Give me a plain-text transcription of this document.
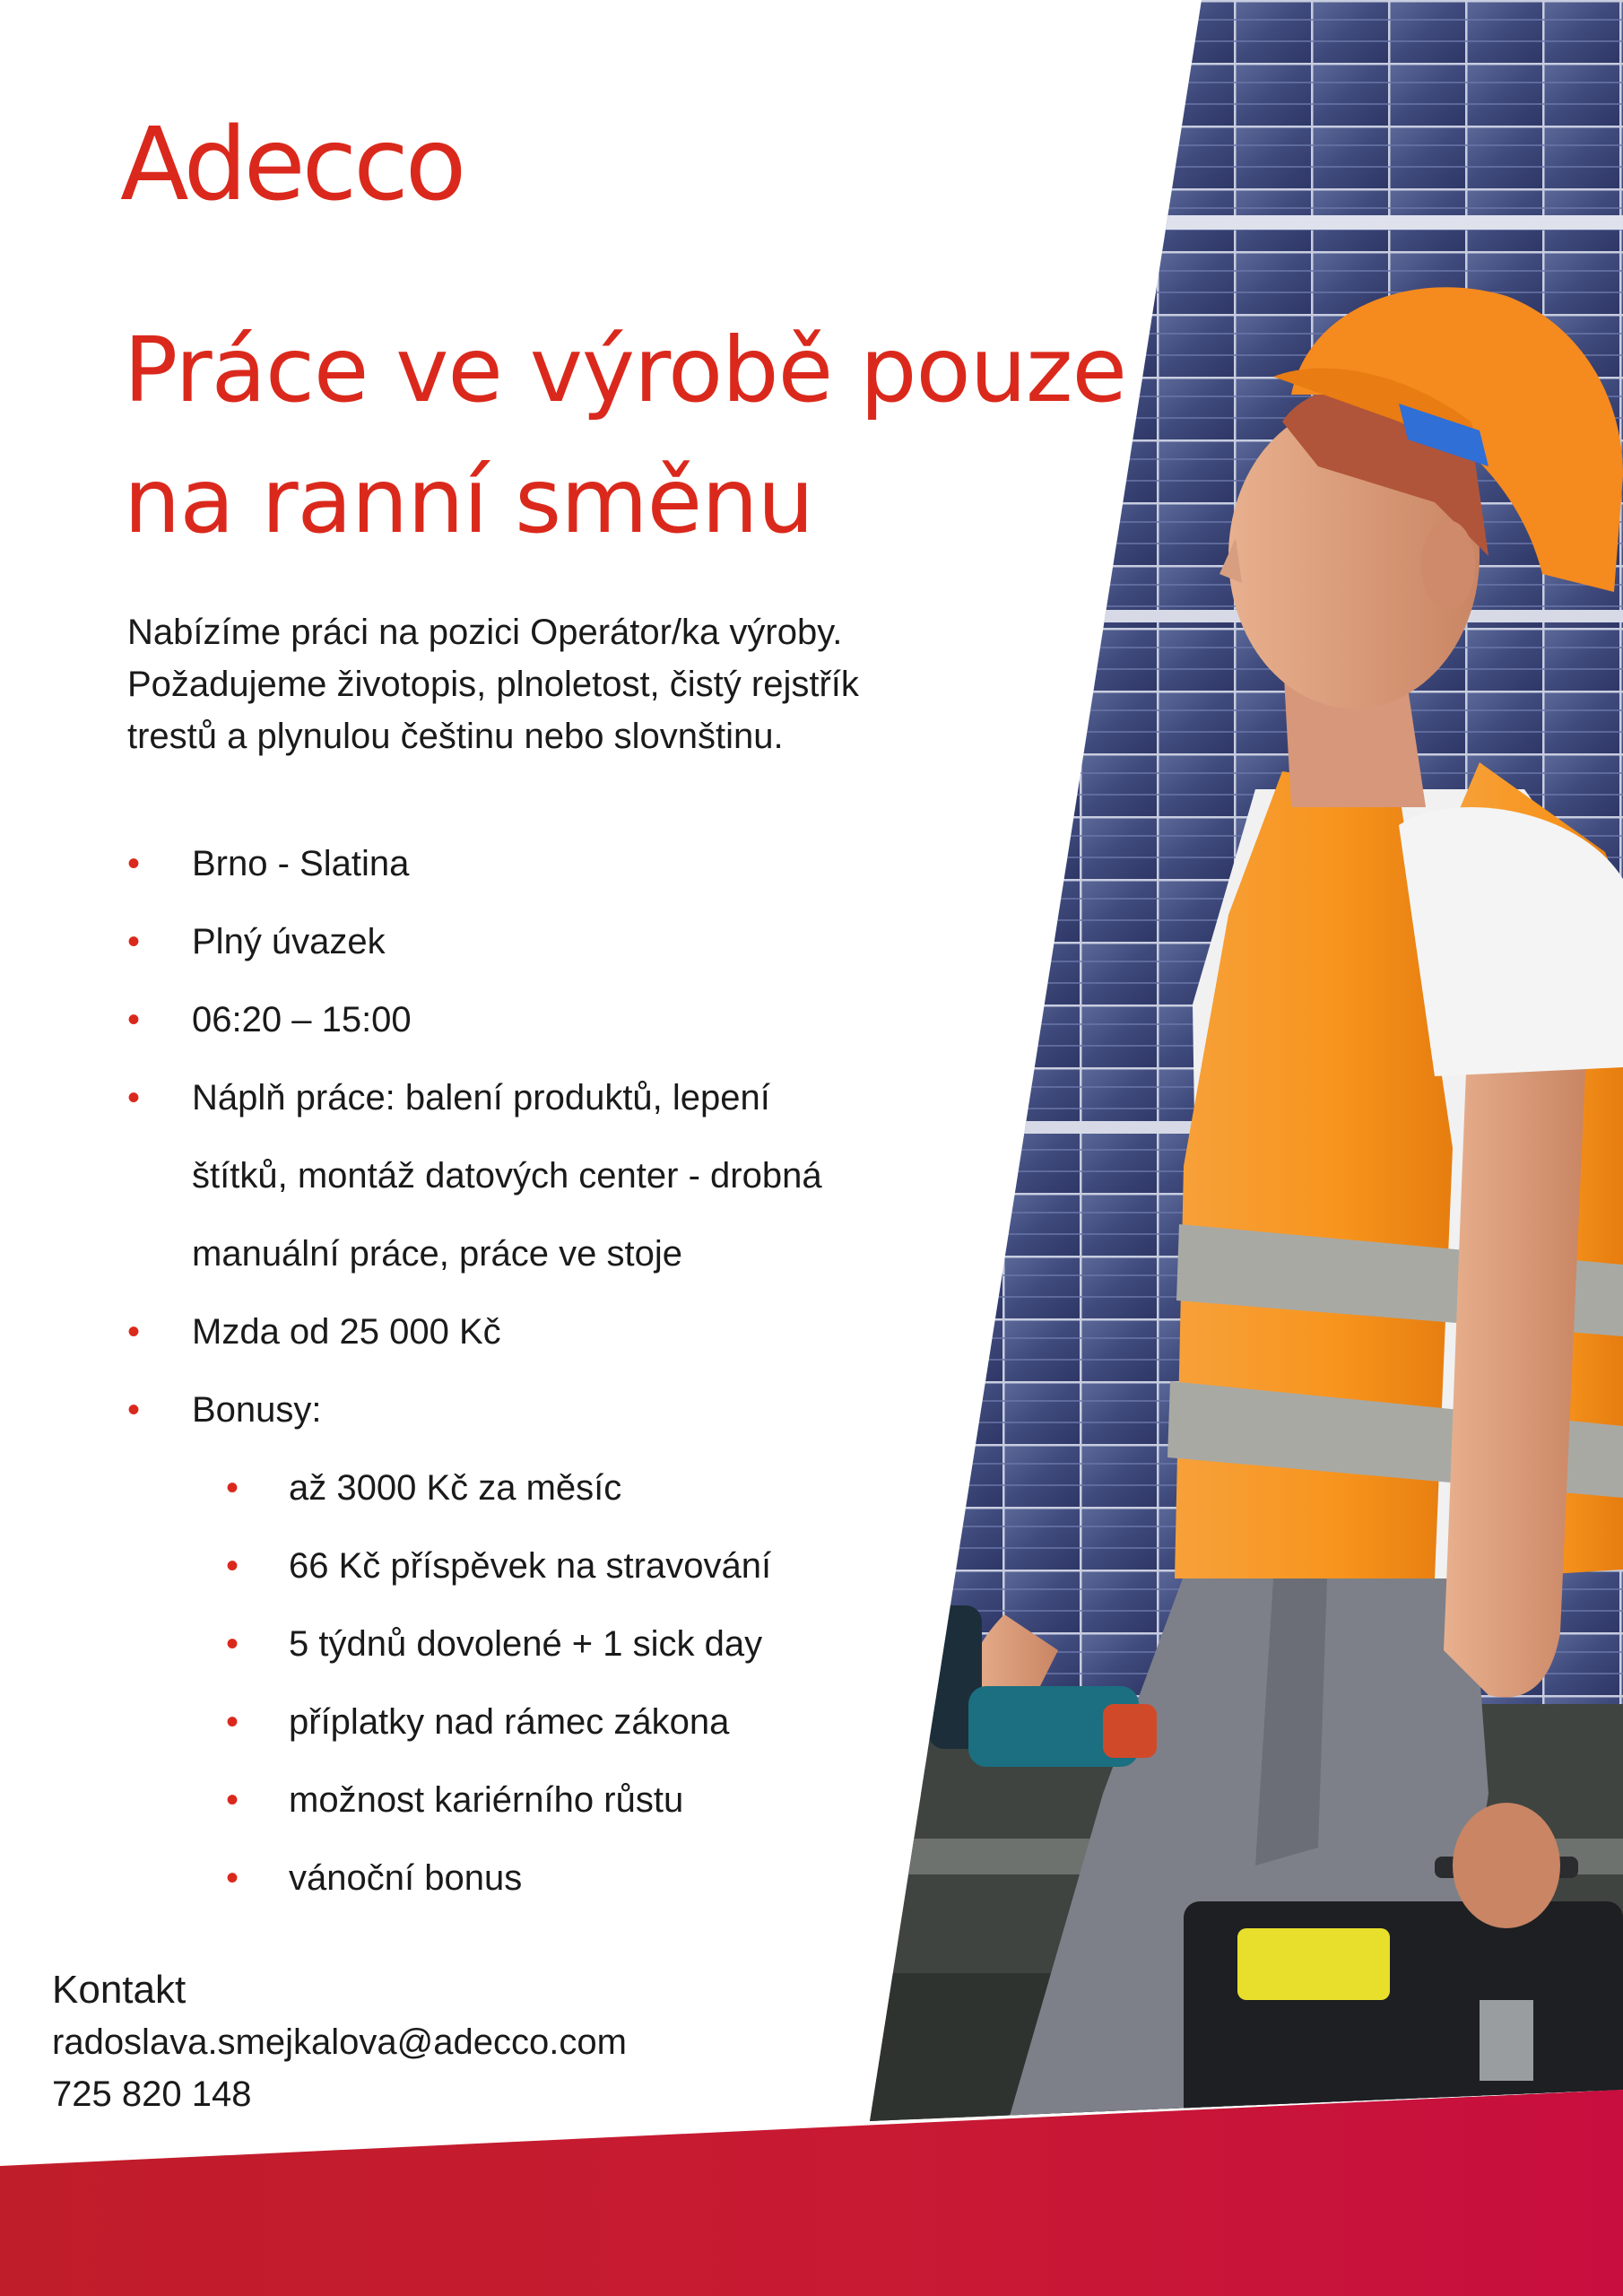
Adecco
Práce ve výrobě pouze
na ranní směnu

Nabízíme práci na pozici Operátor/ka výroby.
Požadujeme životopis, plnoletost, čistý rejstřík
trestů a plynulou češtinu nebo slovnštinu.

• Brno - Slatina
• Plný úvazek
• 06:20 – 15:00
• Náplň práce: balení produktů, lepení
štítků, montáž datových center - drobná
manuální práce, práce ve stoje
• Mzda od 25 000 Kč
• Bonusy:
• až 3000 Kč za měsíc
• 66 Kč příspěvek na stravování
• 5 týdnů dovolené + 1 sick day
• příplatky nad rámec zákona
• možnost kariérního růstu
• vánoční bonus
Kontakt
radoslava.smejkalova@adecco.com
725 820 148
